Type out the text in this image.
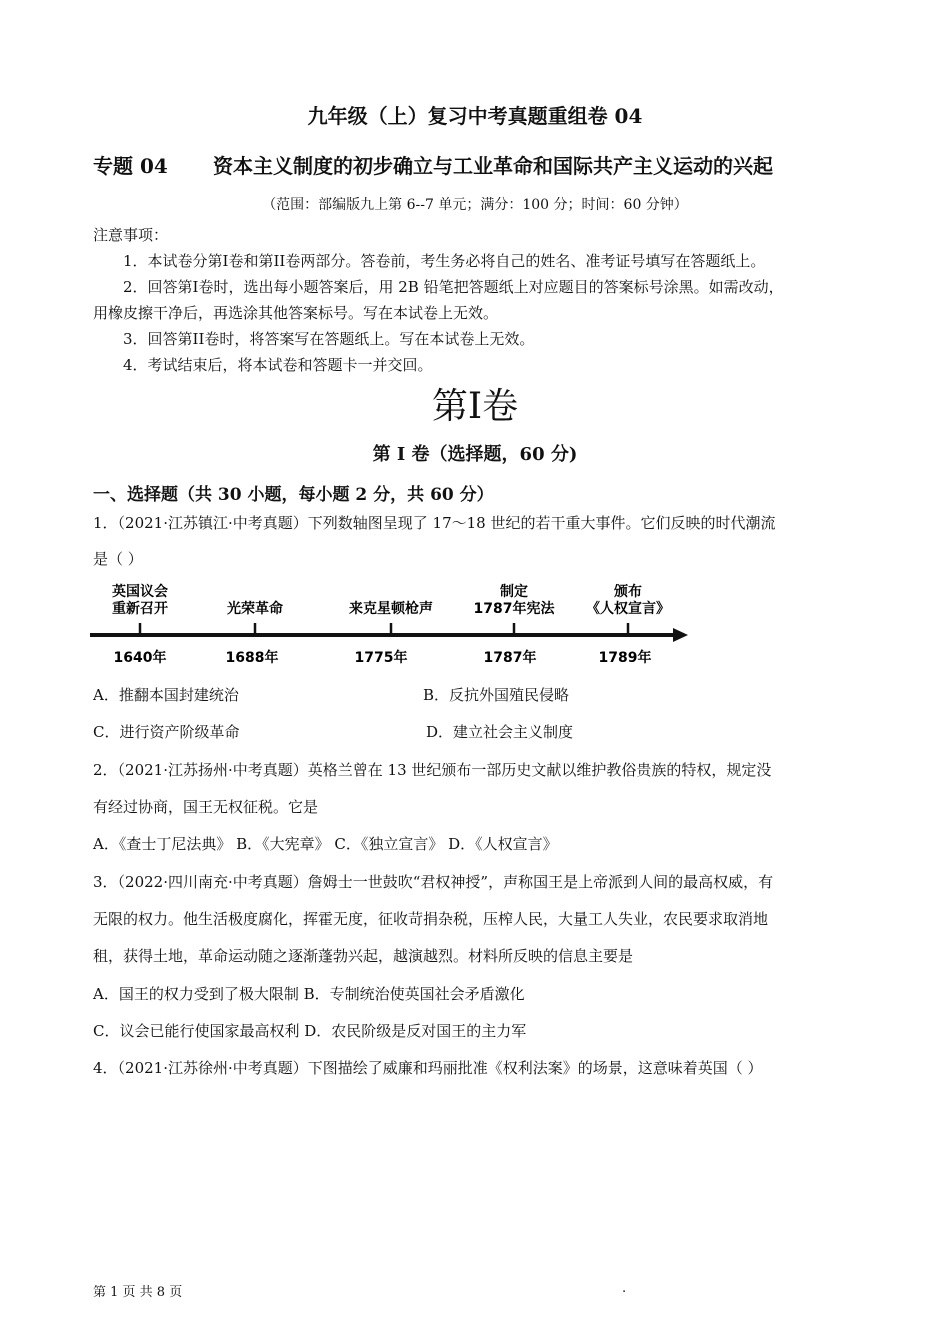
九年级（上）复习中考真题重组卷 04
专题 04 资本主义制度的初步确立与工业革命和国际共产主义运动的兴起
（范围：部编版九上第 6--7 单元；满分：100 分；时间：60 分钟）
注意事项：
1．本试卷分第I卷和第II卷两部分。答卷前，考生务必将自己的姓名、准考证号填写在答题纸上。
2．回答第I卷时，选出每小题答案后，用 2B 铅笔把答题纸上对应题目的答案标号涂黑。如需改动，
用橡皮擦干净后，再选涂其他答案标号。写在本试卷上无效。
3．回答第II卷时，将答案写在答题纸上。写在本试卷上无效。
4．考试结束后，将本试卷和答题卡一并交回。
第I卷
第 I 卷（选择题，60 分)
一、选择题（共 30 小题，每小题 2 分，共 60 分）
1．（2021·江苏镇江·中考真题）下列数轴图呈现了 17～18 世纪的若干重大事件。它们反映的时代潮流
是（ ）
英国议会
重新召开
1640年
光荣革命
1688年
来克星顿枪声
1775年
制定
1787年宪法
1787年
颁布
《人权宣言》
1789年
A．推翻本国封建统治	B．反抗外国殖民侵略
C．进行资产阶级革命	D．建立社会主义制度
2．（2021·江苏扬州·中考真题）英格兰曾在 13 世纪颁布一部历史文献以维护教俗贵族的特权，规定没
有经过协商，国王无权征税。它是
A．《查士丁尼法典》 B．《大宪章》 C．《独立宣言》 D．《人权宣言》
3．（2022·四川南充·中考真题）詹姆士一世鼓吹“君权神授”，声称国王是上帝派到人间的最高权威，有
无限的权力。他生活极度腐化，挥霍无度，征收苛捐杂税，压榨人民，大量工人失业，农民要求取消地
租，获得土地，革命运动随之逐渐蓬勃兴起，越演越烈。材料所反映的信息主要是
A．国王的权力受到了极大限制 B．专制统治使英国社会矛盾激化
C．议会已能行使国家最高权利 D．农民阶级是反对国王的主力军
4．（2021·江苏徐州·中考真题）下图描绘了威廉和玛丽批准《权利法案》的场景，这意味着英国（ ）
第 1 页 共 8 页	.
